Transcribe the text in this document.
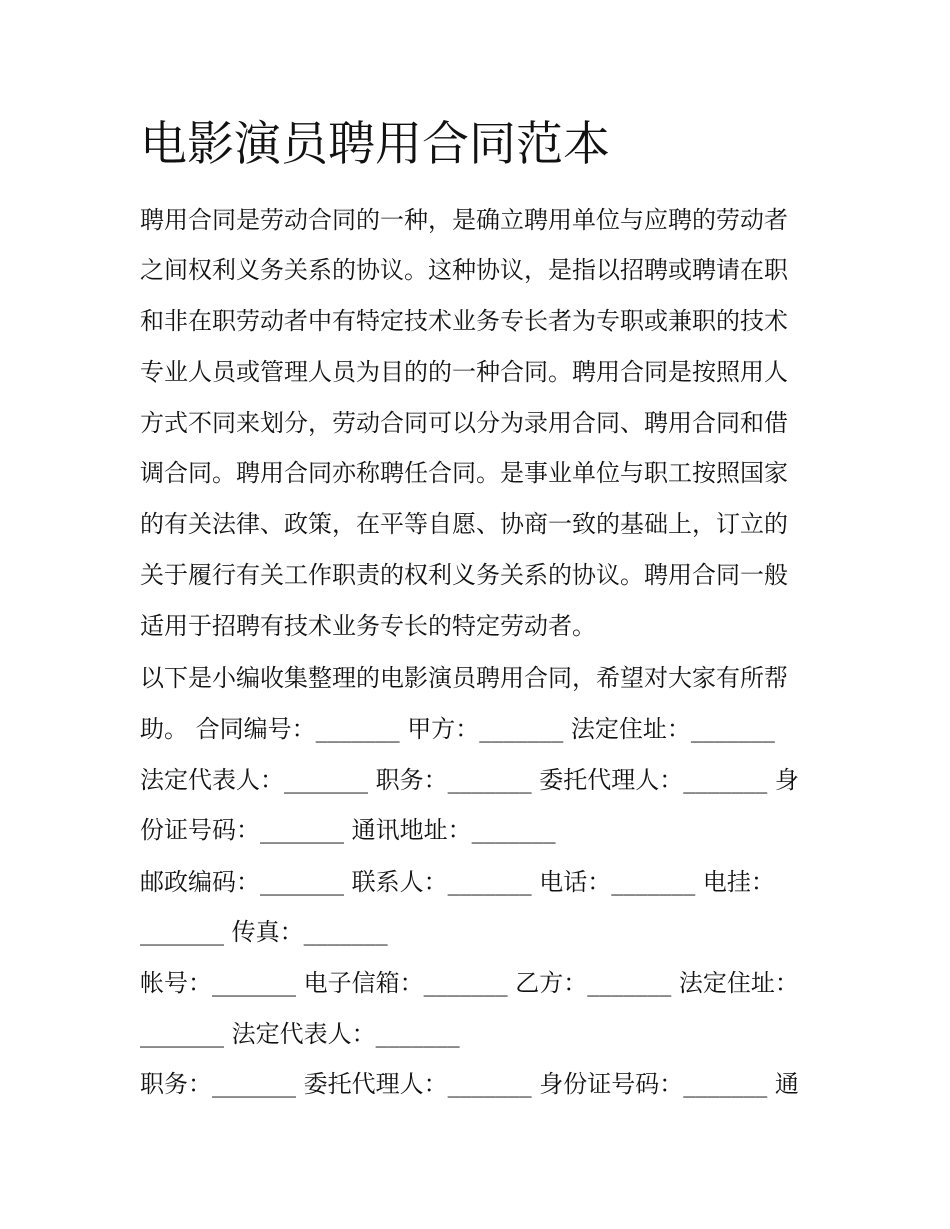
电影演员聘用合同范本

聘用合同是劳动合同的一种，是确立聘用单位与应聘的劳动者

之间权利义务关系的协议。这种协议，是指以招聘或聘请在职

和非在职劳动者中有特定技术业务专长者为专职或兼职的技术

专业人员或管理人员为目的的一种合同。聘用合同是按照用人

方式不同来划分，劳动合同可以分为录用合同、聘用合同和借

调合同。聘用合同亦称聘任合同。是事业单位与职工按照国家

的有关法律、政策，在平等自愿、协商一致的基础上，订立的

关于履行有关工作职责的权利义务关系的协议。聘用合同一般

适用于招聘有技术业务专长的特定劳动者。

以下是小编收集整理的电影演员聘用合同，希望对大家有所帮

助。 合同编号：_______ 甲方：_______ 法定住址：_______

法定代表人：_______ 职务：_______ 委托代理人：_______ 身

份证号码：_______ 通讯地址：_______

邮政编码：_______ 联系人：_______ 电话：_______ 电挂：

_______ 传真：_______

帐号：_______ 电子信箱：_______ 乙方：_______ 法定住址：

_______ 法定代表人：_______

职务：_______ 委托代理人：_______ 身份证号码：_______ 通
